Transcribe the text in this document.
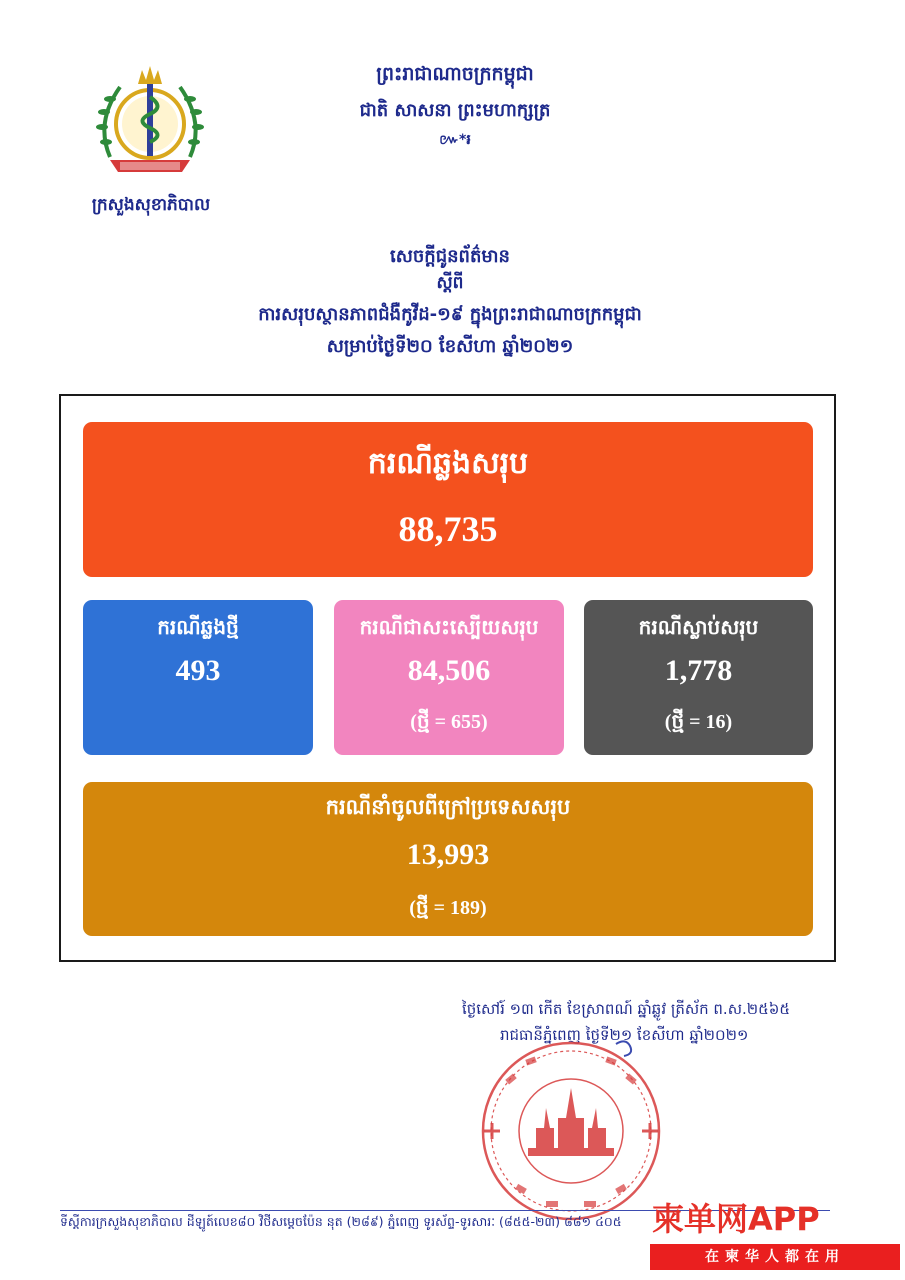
ក្រសួងសុខាភិបាល
ព្រះរាជាណាចក្រកម្ពុជា
ជាតិ សាសនា ព្រះមហាក្សត្រ
៚*៛
សេចក្តីជូនព័ត៌មាន
ស្តីពី
ការសរុបស្ថានភាពជំងឺកូវីដ-១៩ ក្នុងព្រះរាជាណាចក្រកម្ពុជា
សម្រាប់ថ្ងៃទី២០ ខែសីហា ឆ្នាំ២០២១
ករណីឆ្លងសរុប
88,735
ករណីឆ្លងថ្មី
493
ករណីជាសះស្បើយសរុប
84,506
(ថ្មី = 655)
ករណីស្លាប់សរុប
1,778
(ថ្មី = 16)
ករណីនាំចូលពីក្រៅប្រទេសសរុប
13,993
(ថ្មី = 189)
ថ្ងៃសៅរ៍ ១៣ កើត ខែស្រាពណ៍ ឆ្នាំឆ្លូវ ត្រីស័ក ព.ស.២៥៦៥
រាជធានីភ្នំពេញ ថ្ងៃទី២១ ខែសីហា ឆ្នាំ២០២១
ទីស្តីការក្រសួងសុខាភិបាល ដីឡូត៍លេខ៨០ វិថីសម្តេចប៉ែន នុត (២៨៩) ភ្នំពេញ ទូរស័ព្ទ-ទូរសារៈ (៨៥៥-២៣) ៨៨១ ៤០៥ 柬单网APP
在柬华人都在用
